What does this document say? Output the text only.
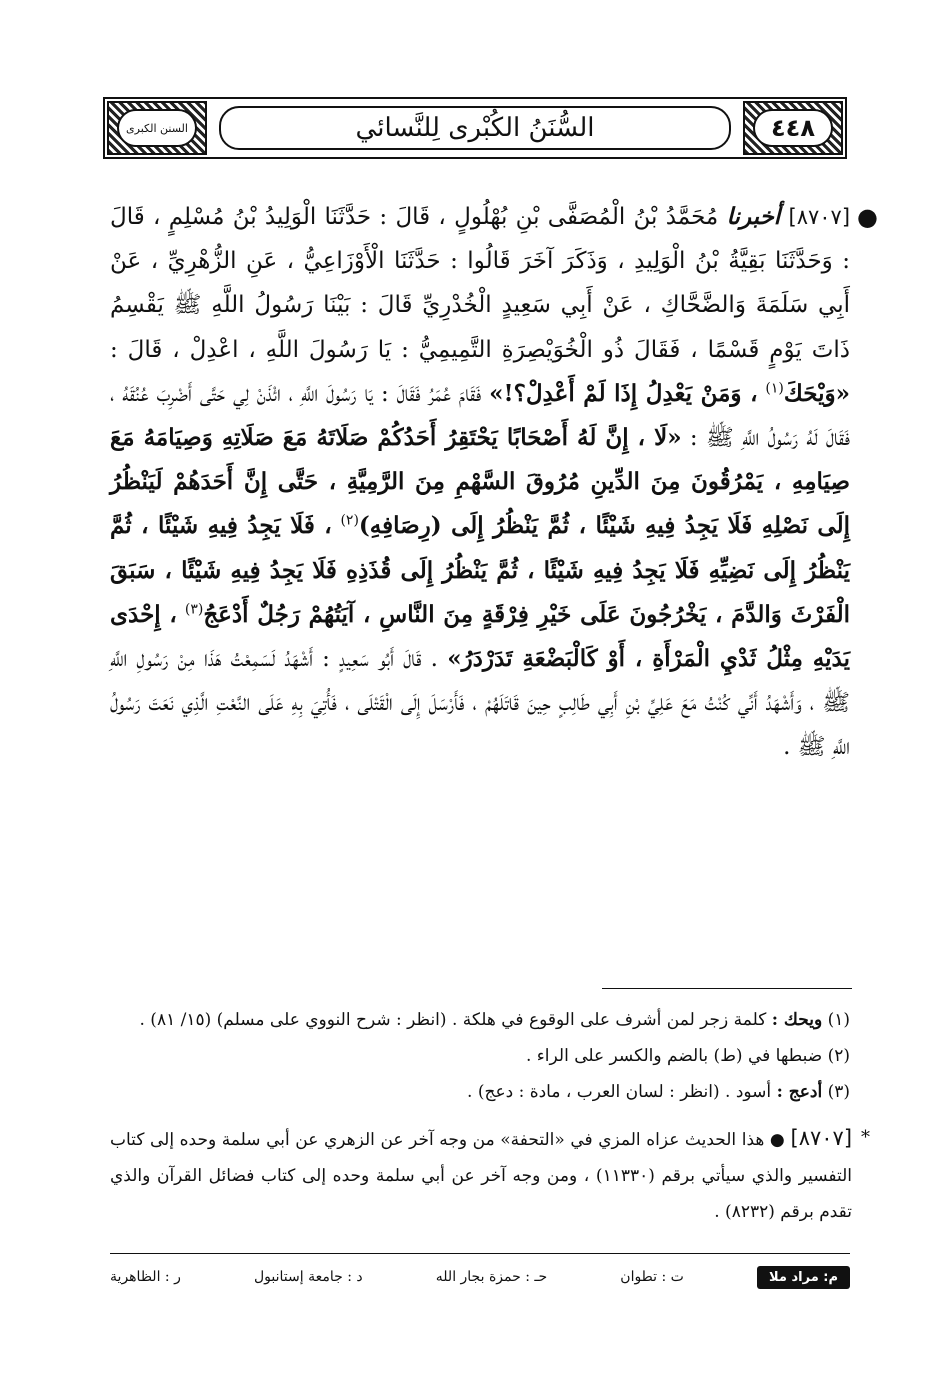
٤٤٨
السُّنَنُ الكُبْرى لِلنَّسائي
السنن الكبرى
●
[٨٧٠٧] أخبرنا مُحَمَّدُ بْنُ الْمُصَفَّى بْنِ بُهْلُولٍ ، قَالَ : حَدَّثَنَا الْوَلِيدُ بْنُ مُسْلِمٍ ، قَالَ : وَحَدَّثَنَا بَقِيَّةُ بْنُ الْوَلِيدِ ، وَذَكَرَ آخَرَ قَالُوا : حَدَّثَنَا الْأَوْزَاعِيُّ ، عَنِ الزُّهْرِيِّ ، عَنْ أَبِي سَلَمَةَ وَالضَّحَّاكِ ، عَنْ أَبِي سَعِيدٍ الْخُدْرِيِّ قَالَ : بَيْنَا رَسُولُ اللَّهِ ﷺ يَقْسِمُ ذَاتَ يَوْمٍ قَسْمًا ، فَقَالَ ذُو الْخُوَيْصِرَةِ التَّمِيمِيُّ : يَا رَسُولَ اللَّهِ ، اعْدِلْ ، قَالَ : «وَيْحَكَ$^{(١)}$ ، وَمَنْ يَعْدِلُ إِذَا لَمْ أَعْدِلْ؟!» فَقَامَ عُمَرُ فَقَالَ : يَا رَسُولَ اللَّهِ ، ائْذَنْ لِي حَتَّى أَضْرِبَ عُنُقَهُ ، فَقَالَ لَهُ رَسُولُ اللَّهِ ﷺ : «لَا ، إِنَّ لَهُ أَصْحَابًا يَحْتَقِرُ أَحَدُكُمْ صَلَاتَهُ مَعَ صَلَاتِهِ وَصِيَامَهُ مَعَ صِيَامِهِ ، يَمْرُقُونَ مِنَ الدِّينِ مُرُوقَ السَّهْمِ مِنَ الرَّمِيَّةِ ، حَتَّى إِنَّ أَحَدَهُمْ لَيَنْظُرُ إِلَى نَصْلِهِ فَلَا يَجِدُ فِيهِ شَيْئًا ، ثُمَّ يَنْظُرُ إِلَى (رِصَافِهِ)$^{(٢)}$ ، فَلَا يَجِدُ فِيهِ شَيْئًا ، ثُمَّ يَنْظُرُ إِلَى نَضِيِّهِ فَلَا يَجِدُ فِيهِ شَيْئًا ، ثُمَّ يَنْظُرُ إِلَى قُذَذِهِ فَلَا يَجِدُ فِيهِ شَيْئًا ، سَبَقَ الْفَرْثَ وَالدَّمَ ، يَخْرُجُونَ عَلَى خَيْرِ فِرْقَةٍ مِنَ النَّاسِ ، آيَتُهُمْ رَجُلٌ أَدْعَجُ$^{(٣)}$ ، إِحْدَى يَدَيْهِ مِثْلُ ثَدْيِ الْمَرْأَةِ ، أَوْ كَالْبَضْعَةِ تَدَرْدَرُ» . قَالَ أَبُو سَعِيدٍ : أَشْهَدُ لَسَمِعْتُ هَذَا مِنْ رَسُولِ اللَّهِ ﷺ ، وَأَشْهَدُ أَنِّي كُنْتُ مَعَ عَلِيِّ بْنِ أَبِي طَالِبٍ حِينَ قَاتَلَهُمْ ، فَأَرْسَلَ إِلَى الْقَتْلَى ، فَأُتِيَ بِهِ عَلَى النَّعْتِ الَّذِي نَعَتَ رَسُولُ اللَّهِ ﷺ .

(١) ويحك : كلمة زجر لمن أشرف على الوقوع في هلكة . (انظر : شرح النووي على مسلم) (١٥/ ٨١) .

(٢) ضبطها في (ط) بالضم والكسر على الراء .

(٣) أدعج : أسود . (انظر : لسان العرب ، مادة : دعج) .

*
[٨٧٠٧] ● هذا الحديث عزاه المزي في «التحفة» من وجه آخر عن الزهري عن أبي سلمة وحده إلى كتاب التفسير والذي سيأتي برقم (١١٣٣٠) ، ومن وجه آخر عن أبي سلمة وحده إلى كتاب فضائل القرآن والذي تقدم برقم (٨٢٣٢) .
م: مراد ملا
ت : تطوان
حـ : حمزة بجار الله
د : جامعة إستانبول
ر : الظاهرية
